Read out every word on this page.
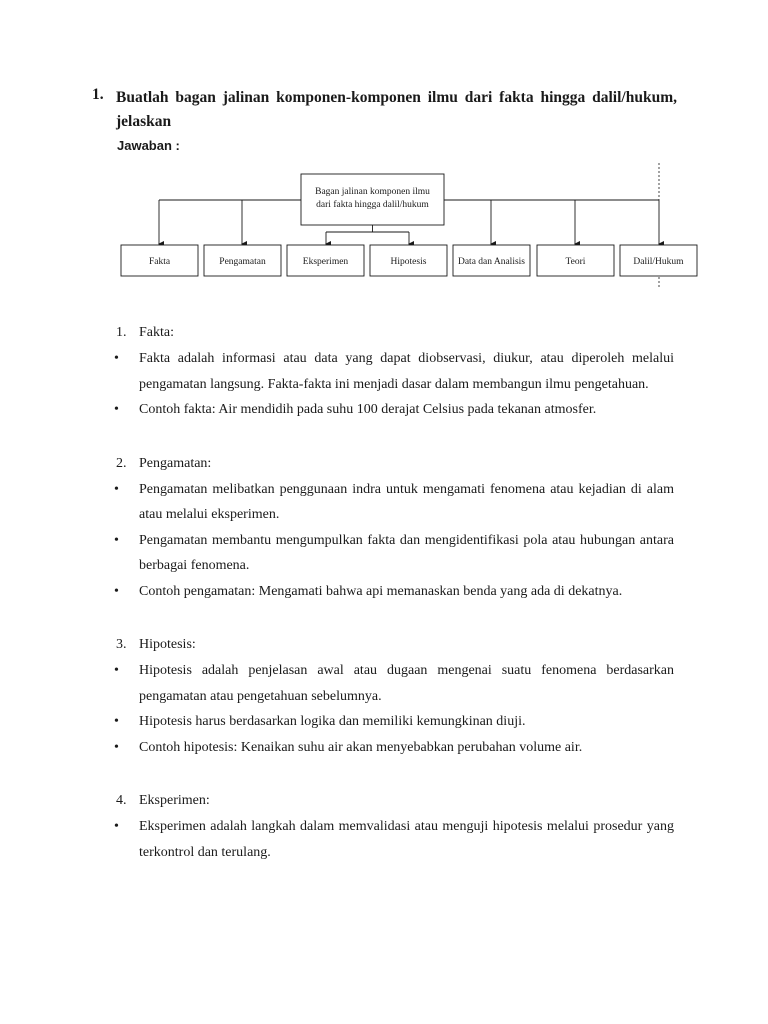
1. Buatlah bagan jalinan komponen-komponen ilmu dari fakta hingga dalil/hukum, jelaskan
Jawaban :
Bagan jalinan komponen ilmu
dari fakta hingga dalil/hukum
Fakta	Pengamatan	Eksperimen	Hipotesis	Data dan Analisis	Teori	Dalil/Hukum
1. Fakta:
• Fakta adalah informasi atau data yang dapat diobservasi, diukur, atau diperoleh melalui pengamatan langsung. Fakta-fakta ini menjadi dasar dalam membangun ilmu pengetahuan.
• Contoh fakta: Air mendidih pada suhu 100 derajat Celsius pada tekanan atmosfer.
2. Pengamatan:
• Pengamatan melibatkan penggunaan indra untuk mengamati fenomena atau kejadian di alam atau melalui eksperimen.
• Pengamatan membantu mengumpulkan fakta dan mengidentifikasi pola atau hubungan antara berbagai fenomena.
• Contoh pengamatan: Mengamati bahwa api memanaskan benda yang ada di dekatnya.
3. Hipotesis:
• Hipotesis adalah penjelasan awal atau dugaan mengenai suatu fenomena berdasarkan pengamatan atau pengetahuan sebelumnya.
• Hipotesis harus berdasarkan logika dan memiliki kemungkinan diuji.
• Contoh hipotesis: Kenaikan suhu air akan menyebabkan perubahan volume air.
4. Eksperimen:
• Eksperimen adalah langkah dalam memvalidasi atau menguji hipotesis melalui prosedur yang terkontrol dan terulang.
